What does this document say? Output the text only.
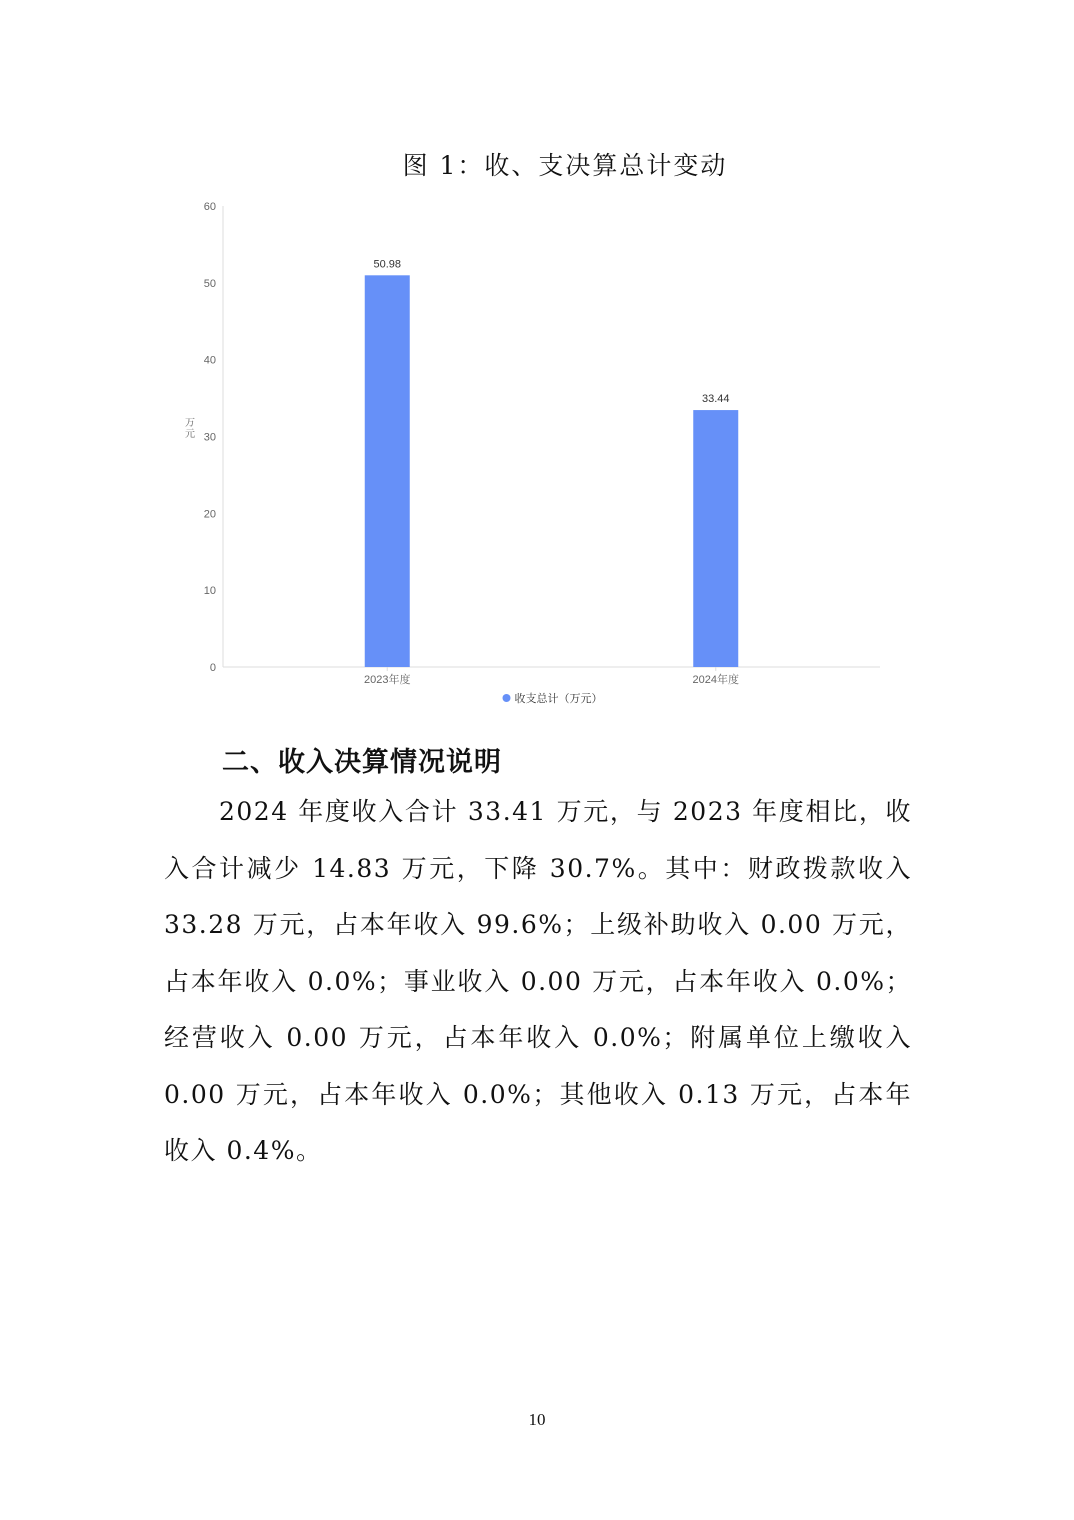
图 1：收、支决算总计变动
0
10
20
30
40
50
60
万
元
50.98
2023年度
33.44
2024年度
收支总计（万元）
二、收入决算情况说明
2024 年度收入合计 33.41 万元，与 2023 年度相比，收入合计减少 14.83 万元，下降 30.7%。其中：财政拨款收入 33.28 万元，占本年收入 99.6%；上级补助收入 0.00 万元，占本年收入 0.0%；事业收入 0.00 万元，占本年收入 0.0%；经营收入 0.00 万元，占本年收入 0.0%；附属单位上缴收入 0.00 万元，占本年收入 0.0%；其他收入 0.13 万元，占本年收入 0.4%。
10
